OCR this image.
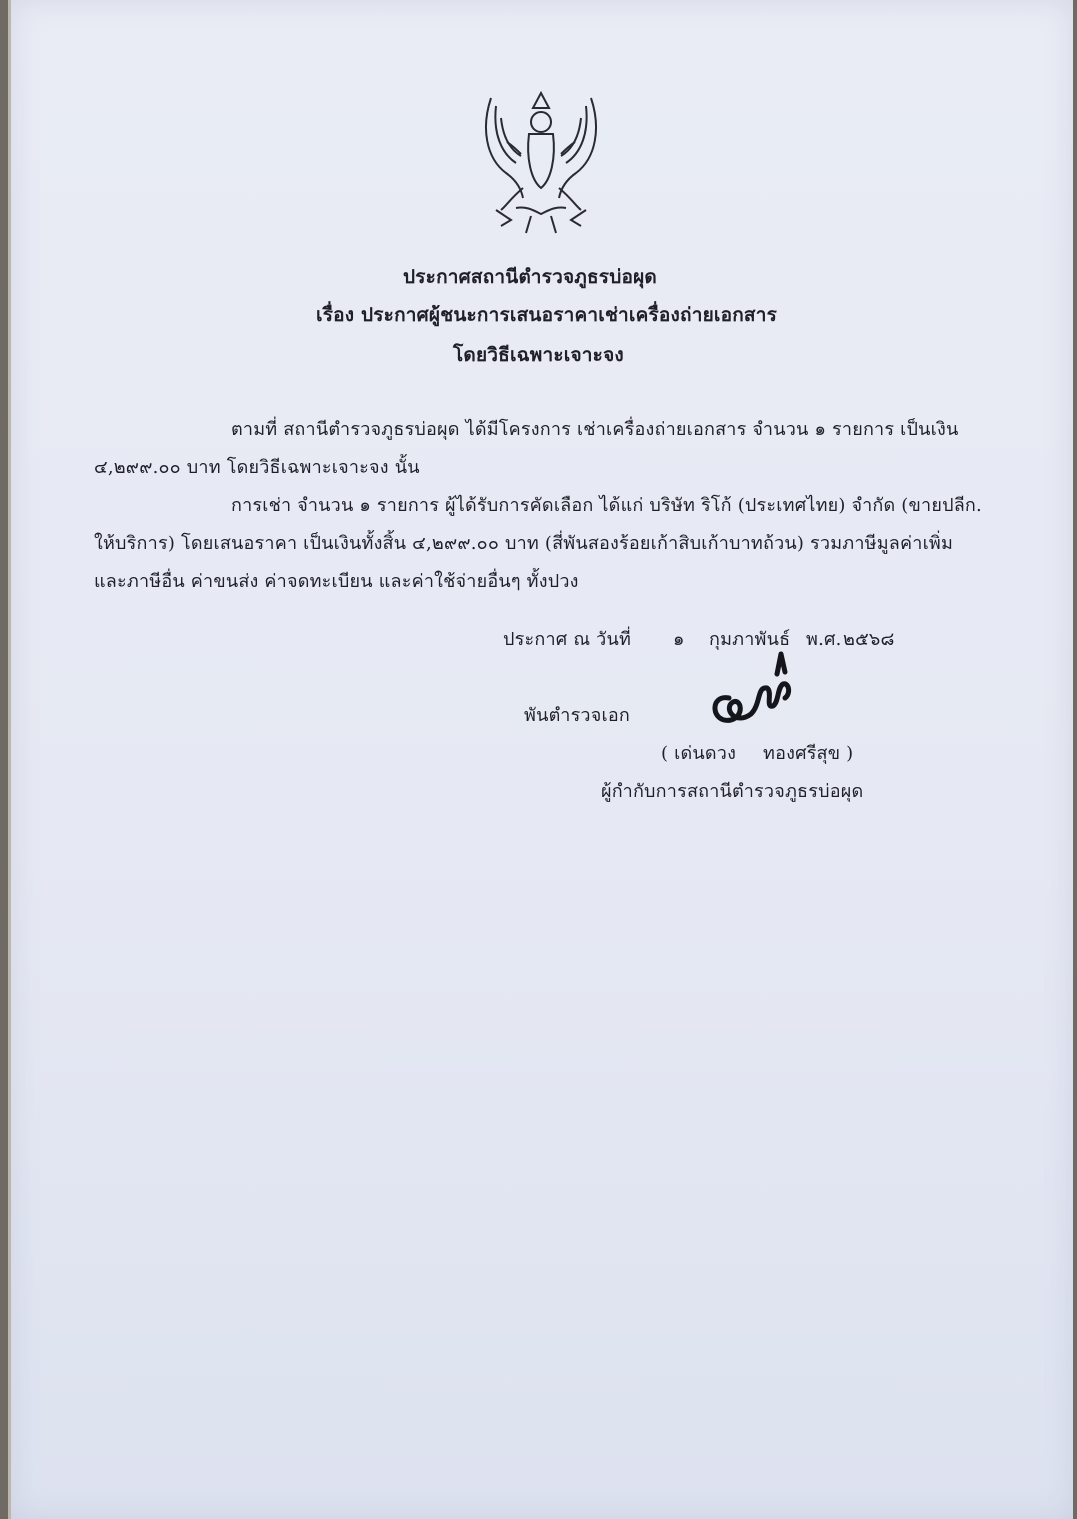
ประกาศสถานีตำรวจภูธรบ่อผุด
เรื่อง ประกาศผู้ชนะการเสนอราคาเช่าเครื่องถ่ายเอกสาร
โดยวิธีเฉพาะเจาะจง
ตามที่ สถานีตำรวจภูธรบ่อผุด ได้มีโครงการ เช่าเครื่องถ่ายเอกสาร จำนวน ๑ รายการ เป็นเงิน
๔,๒๙๙.๐๐ บาท โดยวิธีเฉพาะเจาะจง นั้น
การเช่า จำนวน ๑ รายการ ผู้ได้รับการคัดเลือก ได้แก่ บริษัท ริโก้ (ประเทศไทย) จำกัด (ขายปลีก.
ให้บริการ) โดยเสนอราคา เป็นเงินทั้งสิ้น ๔,๒๙๙.๐๐ บาท (สี่พันสองร้อยเก้าสิบเก้าบาทถ้วน) รวมภาษีมูลค่าเพิ่ม
และภาษีอื่น ค่าขนส่ง ค่าจดทะเบียน และค่าใช้จ่ายอื่นๆ ทั้งปวง
ประกาศ ณ วันที่ ๑ กุมภาพันธ์ พ.ศ. ๒๕๖๘
พันตำรวจเอก
( เด่นดวง ทองศรีสุข )
ผู้กำกับการสถานีตำรวจภูธรบ่อผุด
